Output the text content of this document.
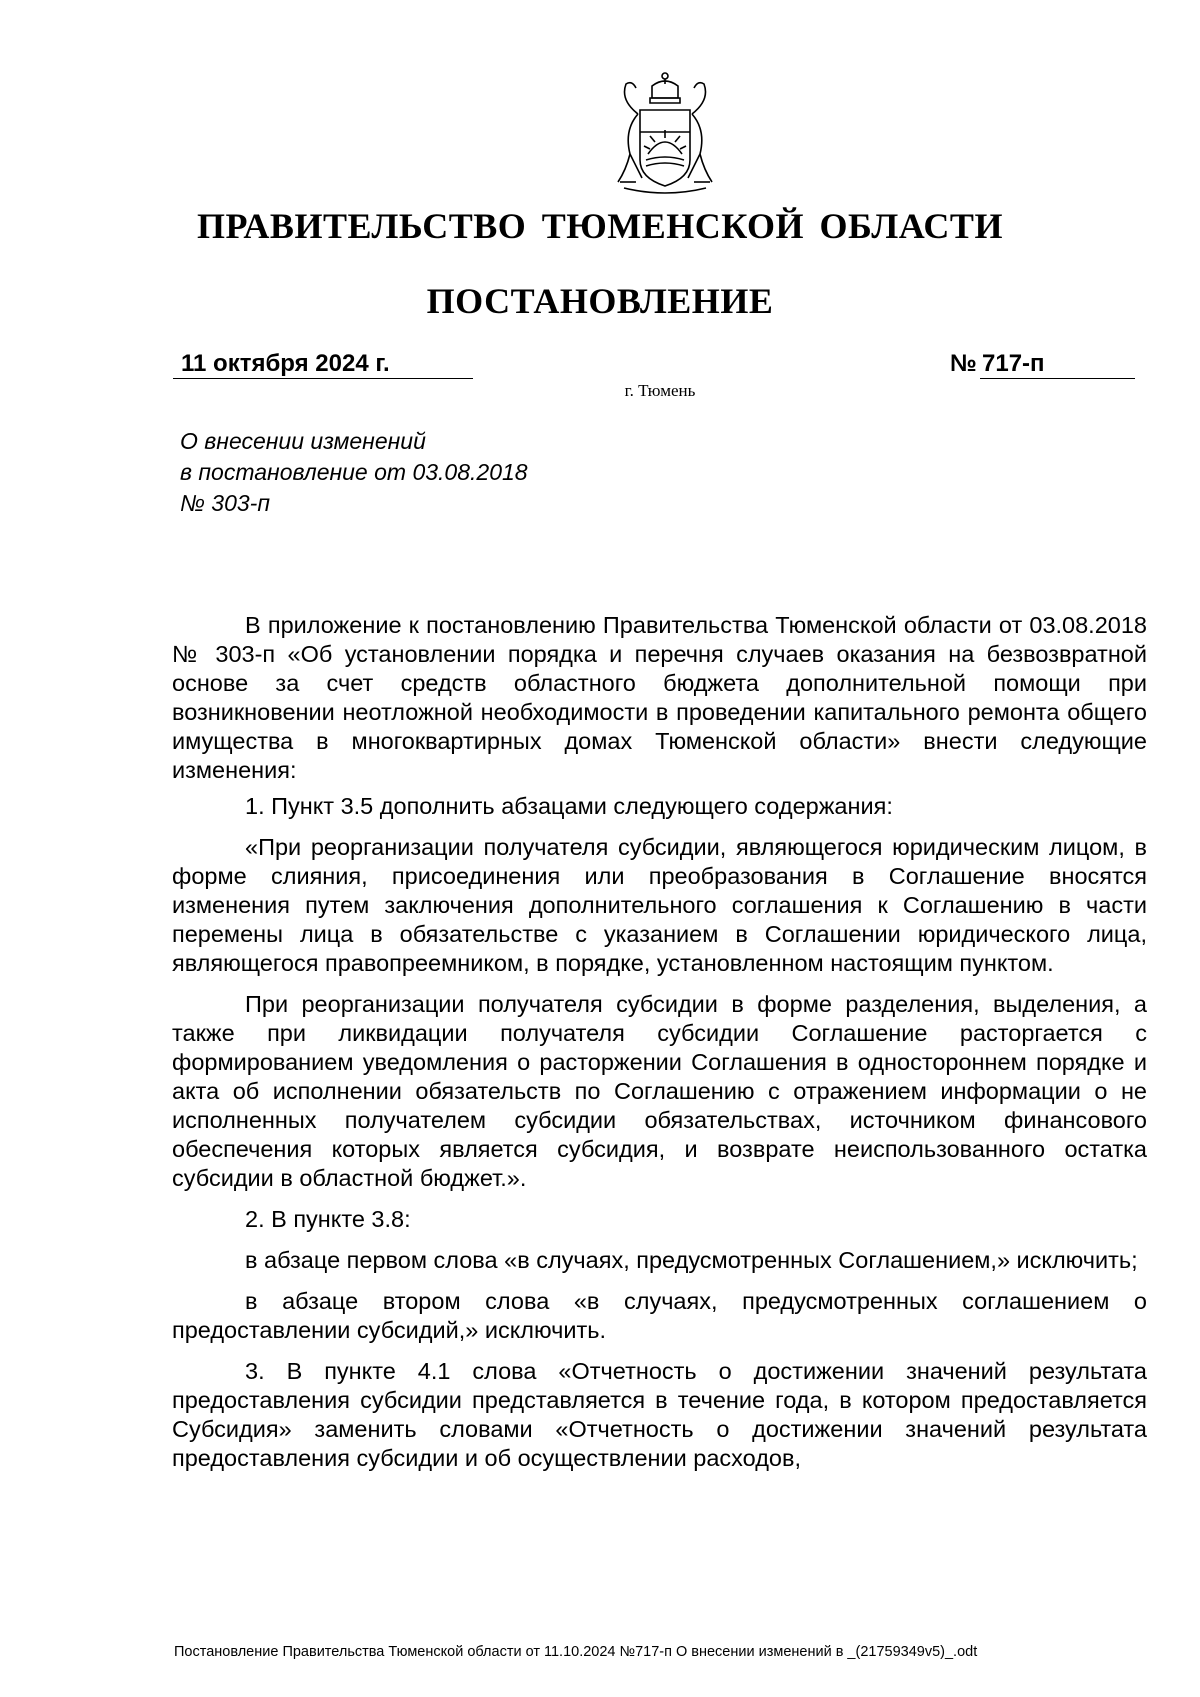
ПРАВИТЕЛЬСТВО ТЮМЕНСКОЙ ОБЛАСТИ
ПОСТАНОВЛЕНИЕ
11 октября 2024 г.	№ 717-п
г. Тюмень
О внесении изменений
в постановление от 03.08.2018
№ 303-п

В приложение к постановлению Правительства Тюменской области от 03.08.2018 № 303-п «Об установлении порядка и перечня случаев оказания на безвозвратной основе за счет средств областного бюджета дополнительной помощи при возникновении неотложной необходимости в проведении капитального ремонта общего имущества в многоквартирных домах Тюменской области» внести следующие изменения:

1. Пункт 3.5 дополнить абзацами следующего содержания:

«При реорганизации получателя субсидии, являющегося юридическим лицом, в форме слияния, присоединения или преобразования в Соглашение вносятся изменения путем заключения дополнительного соглашения к Соглашению в части перемены лица в обязательстве с указанием в Соглашении юридического лица, являющегося правопреемником, в порядке, установленном настоящим пунктом.

При реорганизации получателя субсидии в форме разделения, выделения, а также при ликвидации получателя субсидии Соглашение расторгается с формированием уведомления о расторжении Соглашения в одностороннем порядке и акта об исполнении обязательств по Соглашению с отражением информации о не исполненных получателем субсидии обязательствах, источником финансового обеспечения которых является субсидия, и возврате неиспользованного остатка субсидии в областной бюджет.».

2. В пункте 3.8:

в абзаце первом слова «в случаях, предусмотренных Соглашением,» исключить;

в абзаце втором слова «в случаях, предусмотренных соглашением о предоставлении субсидий,» исключить.

3. В пункте 4.1 слова «Отчетность о достижении значений результата предоставления субсидии представляется в течение года, в котором предоставляется Субсидия» заменить словами «Отчетность о достижении значений результата предоставления субсидии и об осуществлении расходов,

Постановление Правительства Тюменской области от 11.10.2024 №717-п О внесении изменений в _(21759349v5)_.odt
